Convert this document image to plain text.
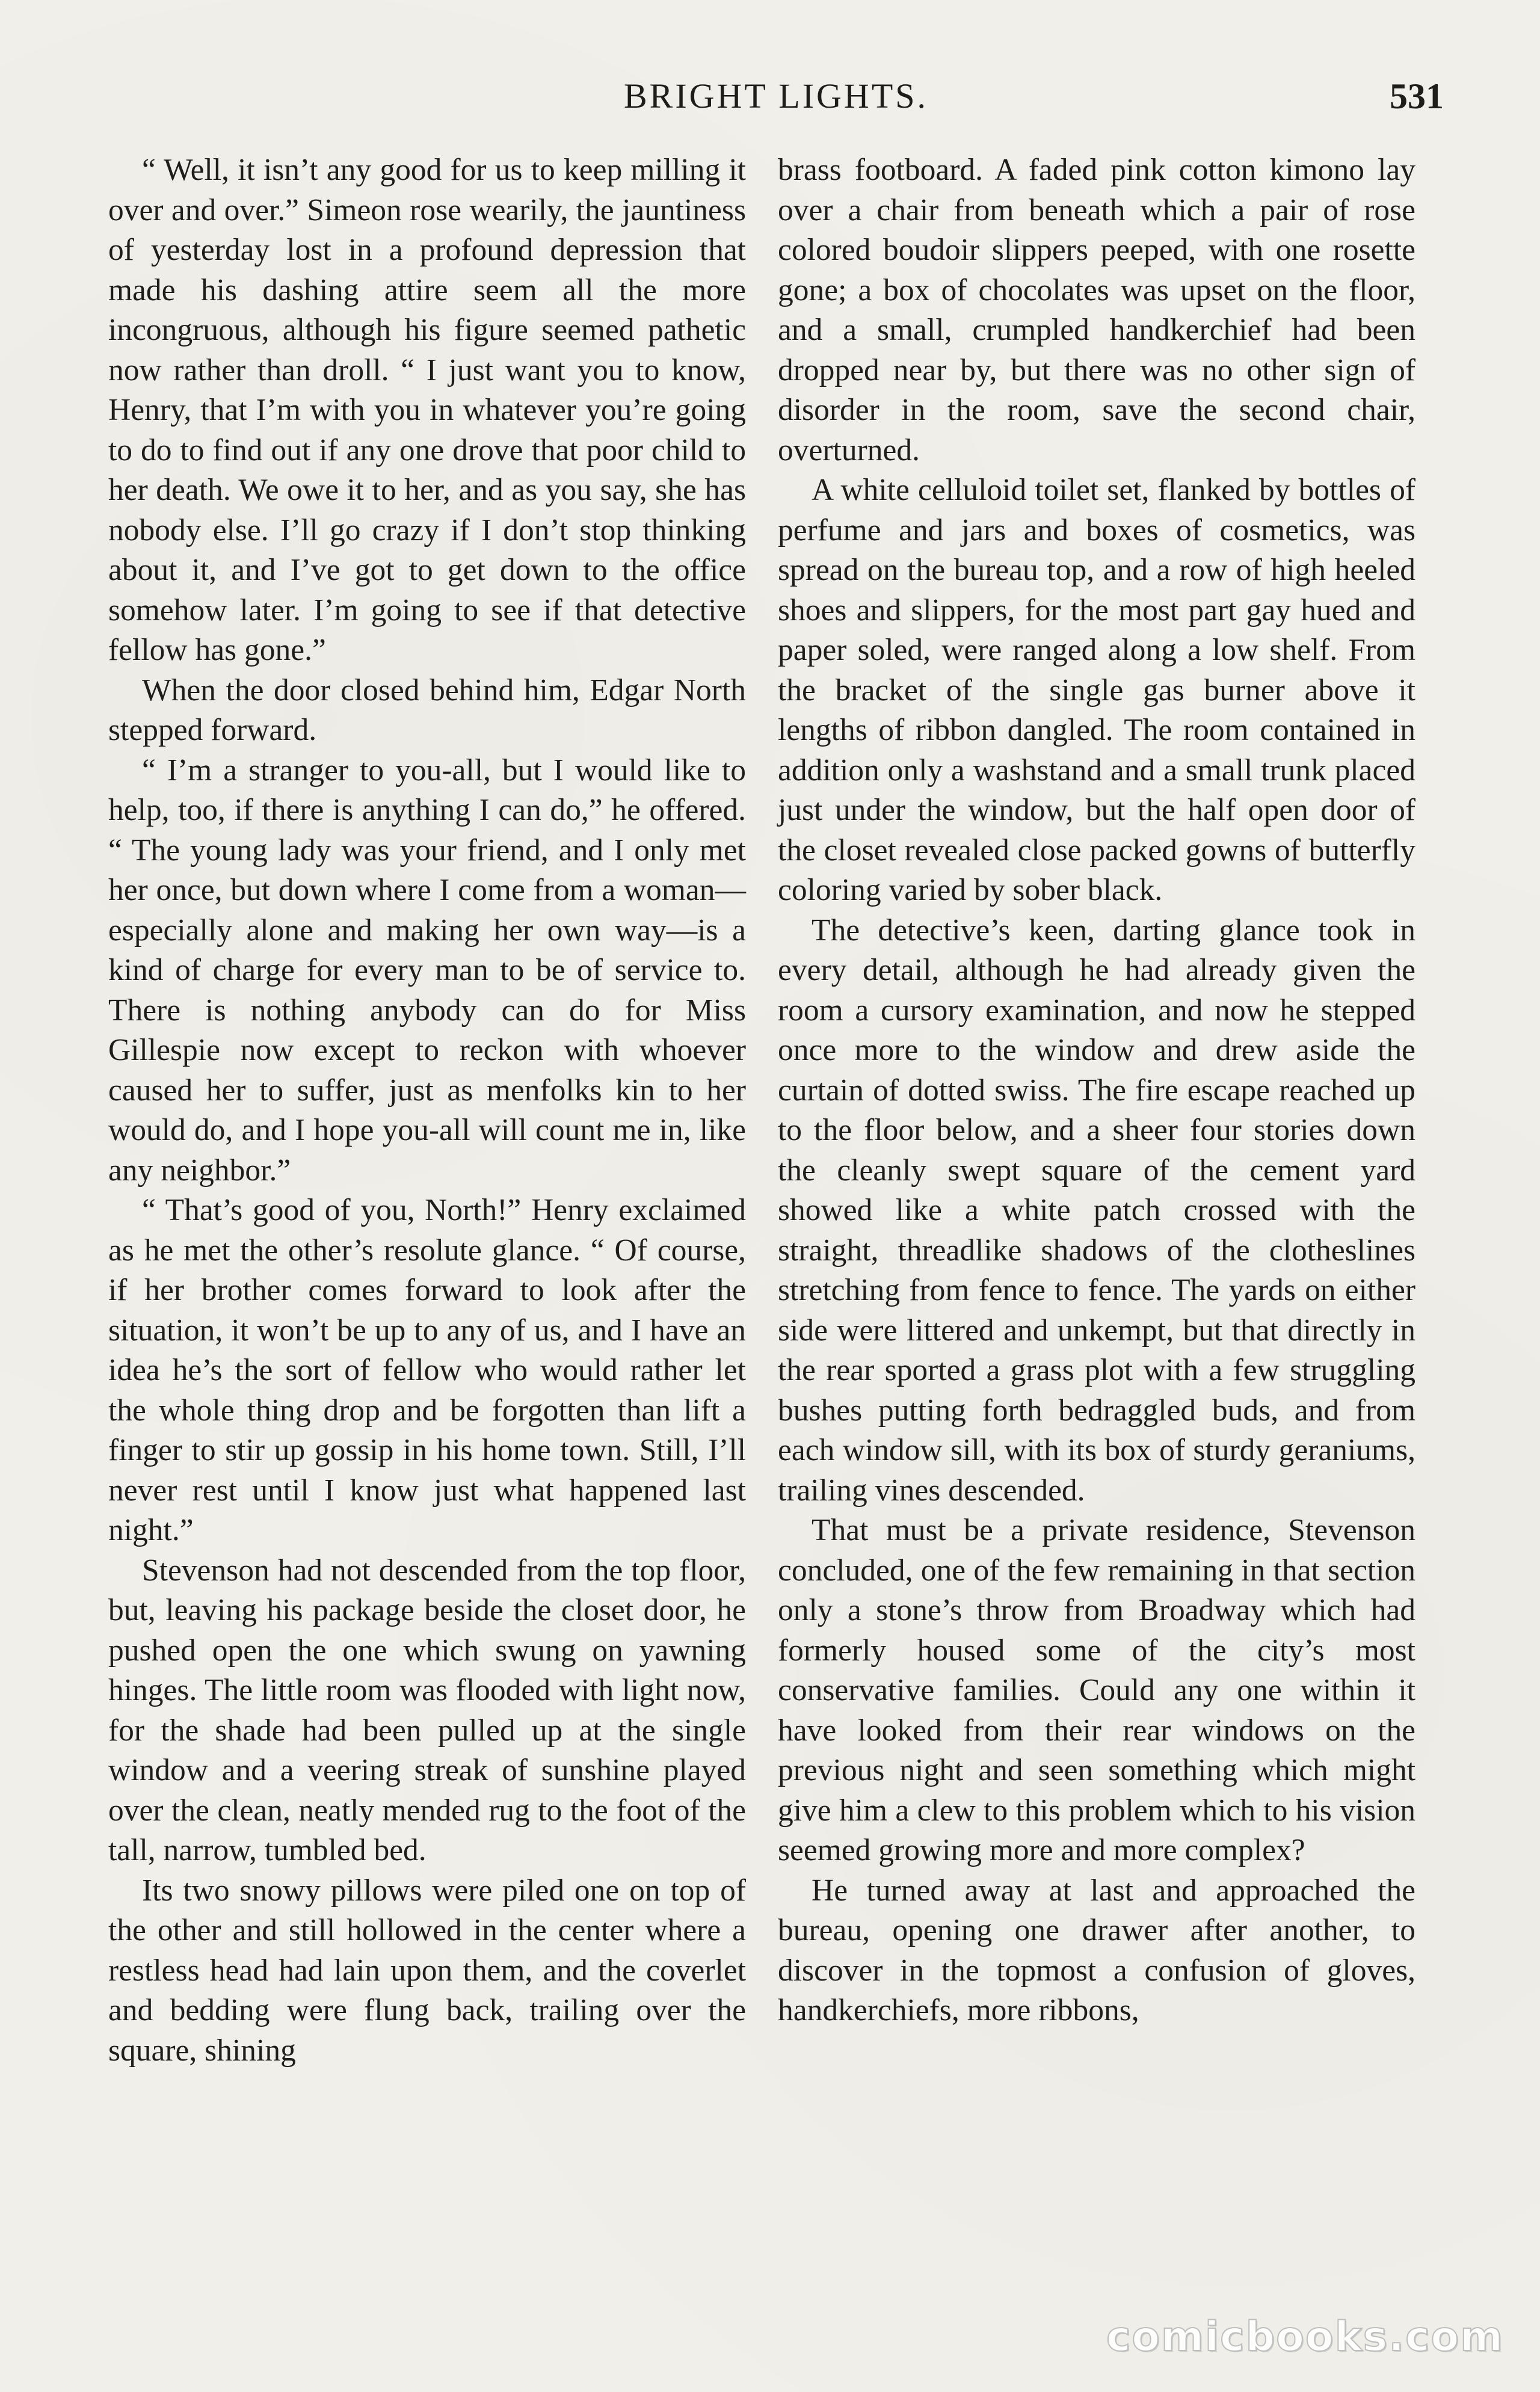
BRIGHT LIGHTS.	531

“ Well, it isn’t any good for us to keep milling it over and over.” Simeon rose wearily, the jauntiness of yesterday lost in a profound depression that made his dashing attire seem all the more incongruous, although his figure seemed pathetic now rather than droll. “ I just want you to know, Henry, that I’m with you in whatever you’re going to do to find out if any one drove that poor child to her death. We owe it to her, and as you say, she has nobody else. I’ll go crazy if I don’t stop thinking about it, and I’ve got to get down to the office somehow later. I’m going to see if that detective fellow has gone.”

When the door closed behind him, Edgar North stepped forward.

“ I’m a stranger to you-all, but I would like to help, too, if there is anything I can do,” he offered. “ The young lady was your friend, and I only met her once, but down where I come from a woman—especially alone and making her own way—is a kind of charge for every man to be of service to. There is nothing anybody can do for Miss Gillespie now except to reckon with whoever caused her to suffer, just as menfolks kin to her would do, and I hope you-all will count me in, like any neighbor.”

“ That’s good of you, North!” Henry exclaimed as he met the other’s resolute glance. “ Of course, if her brother comes forward to look after the situation, it won’t be up to any of us, and I have an idea he’s the sort of fellow who would rather let the whole thing drop and be forgotten than lift a finger to stir up gossip in his home town. Still, I’ll never rest until I know just what happened last night.”

Stevenson had not descended from the top floor, but, leaving his package beside the closet door, he pushed open the one which swung on yawning hinges. The little room was flooded with light now, for the shade had been pulled up at the single window and a veering streak of sunshine played over the clean, neatly mended rug to the foot of the tall, narrow, tumbled bed.

Its two snowy pillows were piled one on top of the other and still hollowed in the center where a restless head had lain upon them, and the coverlet and bedding were flung back, trailing over the square, shining

brass footboard. A faded pink cotton kimono lay over a chair from beneath which a pair of rose colored boudoir slippers peeped, with one rosette gone; a box of chocolates was upset on the floor, and a small, crumpled handkerchief had been dropped near by, but there was no other sign of disorder in the room, save the second chair, overturned.

A white celluloid toilet set, flanked by bottles of perfume and jars and boxes of cosmetics, was spread on the bureau top, and a row of high heeled shoes and slippers, for the most part gay hued and paper soled, were ranged along a low shelf. From the bracket of the single gas burner above it lengths of ribbon dangled. The room contained in addition only a washstand and a small trunk placed just under the window, but the half open door of the closet revealed close packed gowns of butterfly coloring varied by sober black.

The detective’s keen, darting glance took in every detail, although he had already given the room a cursory examination, and now he stepped once more to the window and drew aside the curtain of dotted swiss. The fire escape reached up to the floor below, and a sheer four stories down the cleanly swept square of the cement yard showed like a white patch crossed with the straight, threadlike shadows of the clotheslines stretching from fence to fence. The yards on either side were littered and unkempt, but that directly in the rear sported a grass plot with a few struggling bushes putting forth bedraggled buds, and from each window sill, with its box of sturdy geraniums, trailing vines descended.

That must be a private residence, Stevenson concluded, one of the few remaining in that section only a stone’s throw from Broadway which had formerly housed some of the city’s most conservative families. Could any one within it have looked from their rear windows on the previous night and seen something which might give him a clew to this problem which to his vision seemed growing more and more complex?

He turned away at last and approached the bureau, opening one drawer after another, to discover in the topmost a confusion of gloves, handkerchiefs, more ribbons,

comicbooks.com
